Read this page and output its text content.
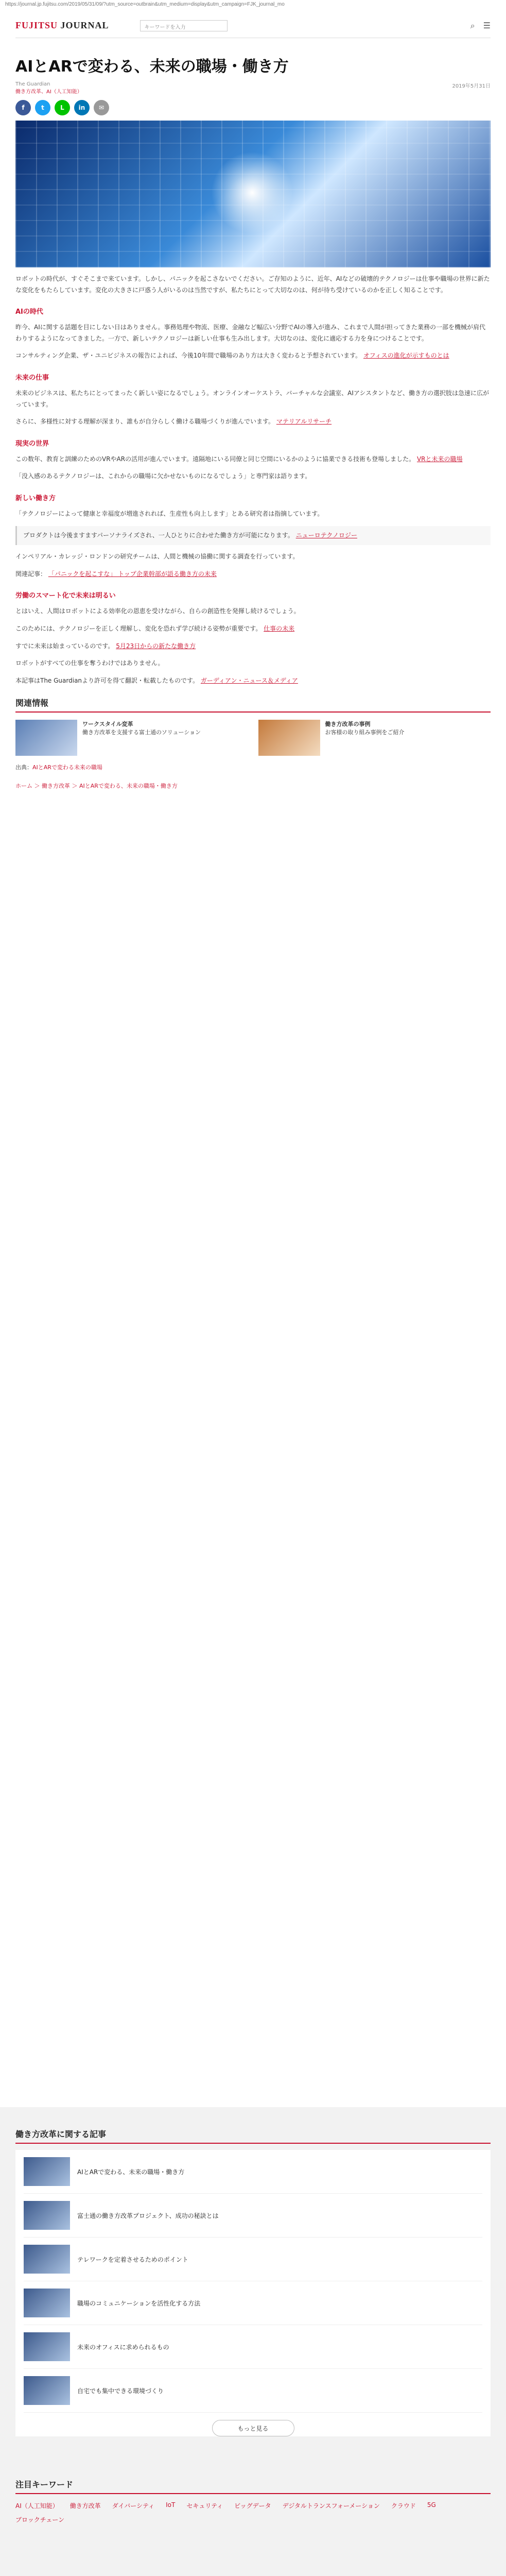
https://journal.jp.fujitsu.com/2019/05/31/09/?utm_source=outbrain&utm_medium=display&utm_campaign=FJK_journal_mo
FUJITSU JOURNAL	キーワードを入力	⌕ ☰
AIとARで変わる、未来の職場・働き方
The Guardian
働き方改革、AI（人工知能）
2019年5月31日
f	t	L	in	✉

ロボットの時代が、すぐそこまで来ています。しかし、パニックを起こさないでください。ご存知のように、近年、AIなどの破壊的テクノロジーは仕事や職場の世界に新たな変化をもたらしています。変化の大きさに戸惑う人がいるのは当然ですが、私たちにとって大切なのは、何が待ち受けているのかを正しく知ることです。

AIの時代

昨今、AIに関する話題を目にしない日はありません。事務処理や物流、医療、金融など幅広い分野でAIの導入が進み、これまで人間が担ってきた業務の一部を機械が肩代わりするようになってきました。一方で、新しいテクノロジーは新しい仕事も生み出します。大切なのは、変化に適応する力を身につけることです。

コンサルティング企業、ザ・ユニビジネスの報告によれば、今後10年間で職場のあり方は大きく変わると予想されています。 オフィスの進化が示すものとは

未来の仕事

未来のビジネスは、私たちにとってまったく新しい姿になるでしょう。オンラインオーケストラ、バーチャルな会議室、AIアシスタントなど、働き方の選択肢は急速に広がっています。

さらに、多様性に対する理解が深まり、誰もが自分らしく働ける職場づくりが進んでいます。 マテリアルリサーチ

現実の世界

この数年、教育と訓練のためのVRやARの活用が進んでいます。遠隔地にいる同僚と同じ空間にいるかのように協業できる技術も登場しました。 VRと未来の職場

「没入感のあるテクノロジーは、これからの職場に欠かせないものになるでしょう」と専門家は語ります。

新しい働き方

「テクノロジーによって健康と幸福度が増進されれば、生産性も向上します」とある研究者は指摘しています。

プロダクトは今後ますますパーソナライズされ、一人ひとりに合わせた働き方が可能になります。 ニューロテクノロジー

インペリアル・カレッジ・ロンドンの研究チームは、人間と機械の協働に関する調査を行っています。

関連記事： 「パニックを起こすな」 トップ企業幹部が語る働き方の未来

労働のスマート化で未来は明るい

とはいえ、人間はロボットによる効率化の恩恵を受けながら、自らの創造性を発揮し続けるでしょう。

このためには、テクノロジーを正しく理解し、変化を恐れず学び続ける姿勢が重要です。 仕事の未来

すでに未来は始まっているのです。 5月23日からの新たな働き方

ロボットがすべての仕事を奪うわけではありません。

本記事はThe Guardianより許可を得て翻訳・転載したものです。 ガーディアン・ニュース＆メディア

関連情報
ワークスタイル変革
働き方改革を支援する富士通のソリューション
働き方改革の事例
お客様の取り組み事例をご紹介

出典：AIとARで変わる未来の職場

ホーム ＞ 働き方改革 ＞ AIとARで変わる、未来の職場・働き方
働き方改革に関する記事
AIとARで変わる、未来の職場・働き方
富士通の働き方改革プロジェクト、成功の秘訣とは
テレワークを定着させるためのポイント
職場のコミュニケーションを活性化する方法
未来のオフィスに求められるもの
自宅でも集中できる環境づくり
もっと見る
注目キーワード
AI（人工知能） 働き方改革 ダイバーシティ IoT セキュリティ ビッグデータ デジタルトランスフォーメーション クラウド 5G
ブロックチェーン
